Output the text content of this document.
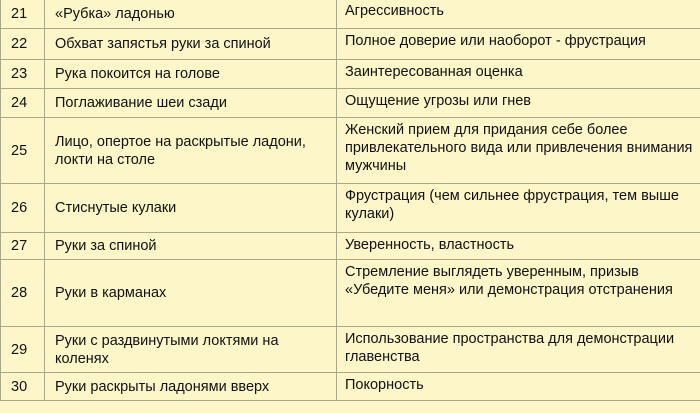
21	«Рубка» ладонью	Агрессивность
22	Обхват запястья руки за спиной	Полное доверие или наоборот - фрустрация
23	Рука покоится на голове	Заинтересованная оценка
24	Поглаживание шеи сзади	Ощущение угрозы или гнев
25	Лицо, опертое на раскрытые ладони, локти на столе	Женский прием для придания себе более привлекательного вида или привлечения внимания мужчины
26	Стиснутые кулаки	Фрустрация (чем сильнее фрустрация, тем выше кулаки)
27	Руки за спиной	Уверенность, властность
28	Руки в карманах	Стремление выглядеть уверенным, призыв «Убедите меня» или демонстрация отстранения
29	Руки с раздвинутыми локтями на коленях	Использование пространства для демонстрации главенства
30	Руки раскрыты ладонями вверх	Покорность
